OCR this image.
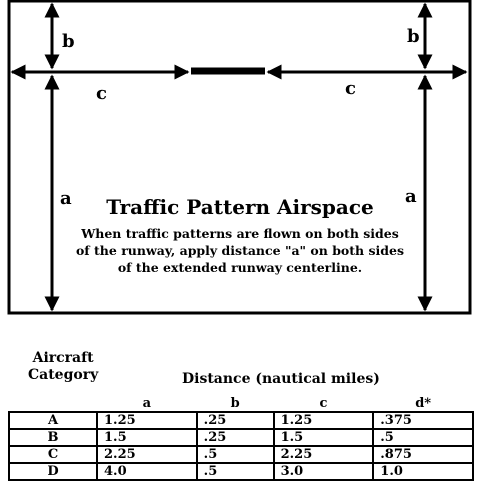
b	b
c	c
a	a
Traffic Pattern Airspace
When traffic patterns are flown on both sides
of the runway, apply distance "a" on both sides
of the extended runway centerline.
Aircraft
Category	Distance (nautical miles)
	a	b	c	d*
A	1.25	.25	1.25	.375
B	1.5	.25	1.5	.5
C	2.25	.5	2.25	.875
D	4.0	.5	3.0	1.0
